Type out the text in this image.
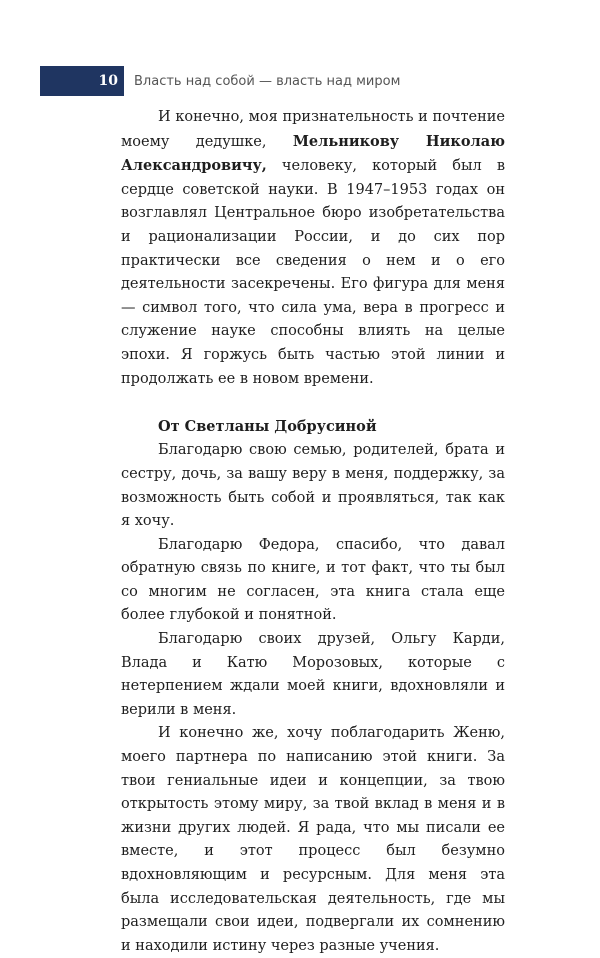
10 Власть над собой — власть над миром

И конечно, моя признательность и почтение моему дедушке, Мельникову Николаю Александровичу, человеку, который был в сердце советской науки. В 1947–1953 годах он возглавлял Центральное бюро изобретательства и рационализации России, и до сих пор практически все сведения о нем и о его деятельности засекречены. Его фигура для меня — символ того, что сила ума, вера в прогресс и служение науке способны влиять на целые эпохи. Я горжусь быть частью этой линии и продолжать ее в новом времени.

От Светланы Добрусиной

Благодарю свою семью, родителей, брата и сестру, дочь, за вашу веру в меня, поддержку, за возможность быть собой и проявляться, так как я хочу.

Благодарю Федора, спасибо, что давал обратную связь по книге, и тот факт, что ты был со многим не согласен, эта книга стала еще более глубокой и понятной.

Благодарю своих друзей, Ольгу Карди, Влада и Катю Морозовых, которые с нетерпением ждали моей книги, вдохновляли и верили в меня.

И конечно же, хочу поблагодарить Женю, моего партнера по написанию этой книги. За твои гениальные идеи и концепции, за твою открытость этому миру, за твой вклад в меня и в жизни других людей. Я рада, что мы писали ее вместе, и этот процесс был безумно вдохновляющим и ресурсным. Для меня эта была исследовательская деятельность, где мы размещали свои идеи, подвергали их сомнению и находили истину через разные учения.
